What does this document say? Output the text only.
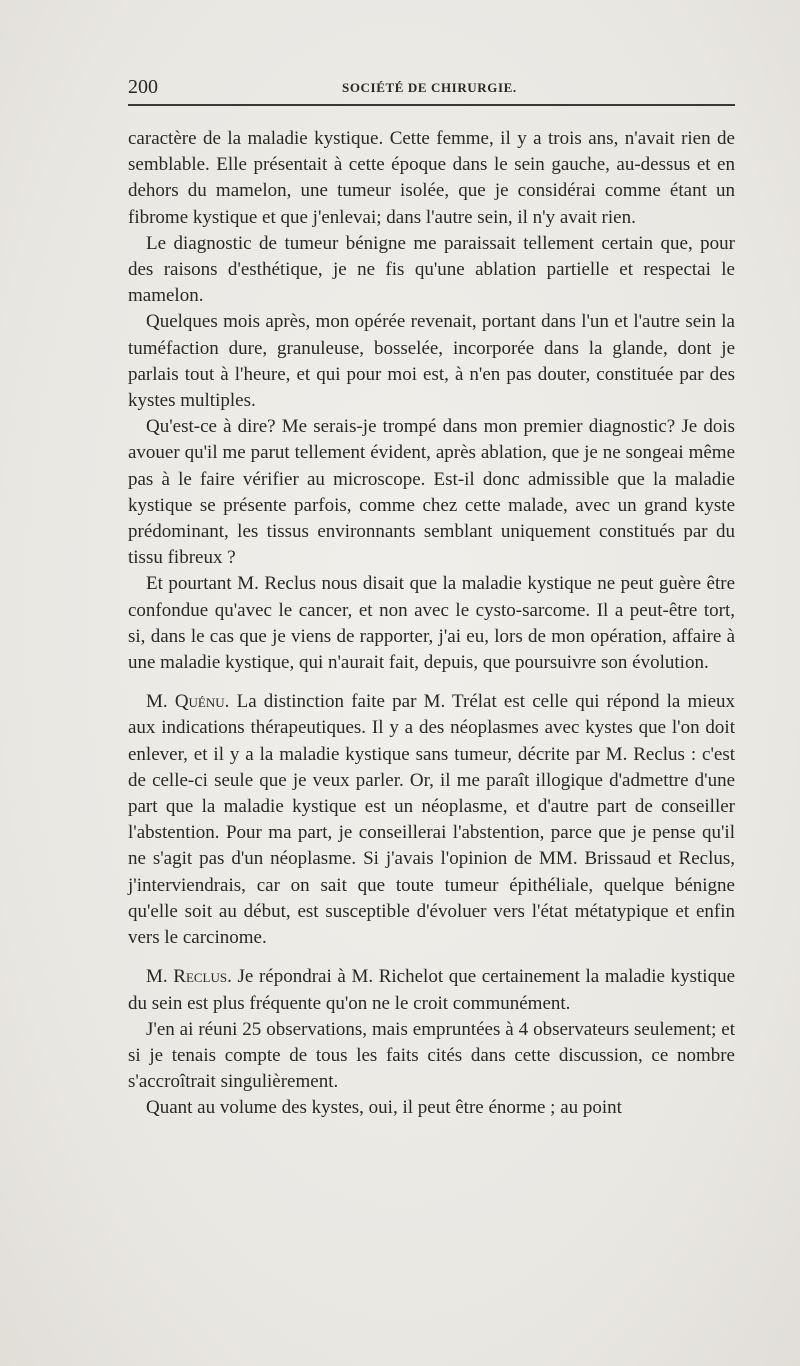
200	SOCIÉTÉ DE CHIRURGIE.

caractère de la maladie kystique. Cette femme, il y a trois ans, n'avait rien de semblable. Elle présentait à cette époque dans le sein gauche, au-dessus et en dehors du mamelon, une tumeur isolée, que je considérai comme étant un fibrome kystique et que j'enlevai; dans l'autre sein, il n'y avait rien.

Le diagnostic de tumeur bénigne me paraissait tellement certain que, pour des raisons d'esthétique, je ne fis qu'une ablation partielle et respectai le mamelon.

Quelques mois après, mon opérée revenait, portant dans l'un et l'autre sein la tuméfaction dure, granuleuse, bosselée, incorporée dans la glande, dont je parlais tout à l'heure, et qui pour moi est, à n'en pas douter, constituée par des kystes multiples.

Qu'est-ce à dire? Me serais-je trompé dans mon premier diagnostic? Je dois avouer qu'il me parut tellement évident, après ablation, que je ne songeai même pas à le faire vérifier au microscope. Est-il donc admissible que la maladie kystique se présente parfois, comme chez cette malade, avec un grand kyste prédominant, les tissus environnants semblant uniquement constitués par du tissu fibreux ?

Et pourtant M. Reclus nous disait que la maladie kystique ne peut guère être confondue qu'avec le cancer, et non avec le cysto-sarcome. Il a peut-être tort, si, dans le cas que je viens de rapporter, j'ai eu, lors de mon opération, affaire à une maladie kystique, qui n'aurait fait, depuis, que poursuivre son évolution.

M. Quénu. La distinction faite par M. Trélat est celle qui répond la mieux aux indications thérapeutiques. Il y a des néoplasmes avec kystes que l'on doit enlever, et il y a la maladie kystique sans tumeur, décrite par M. Reclus : c'est de celle-ci seule que je veux parler. Or, il me paraît illogique d'admettre d'une part que la maladie kystique est un néoplasme, et d'autre part de conseiller l'abstention. Pour ma part, je conseillerai l'abstention, parce que je pense qu'il ne s'agit pas d'un néoplasme. Si j'avais l'opinion de MM. Brissaud et Reclus, j'interviendrais, car on sait que toute tumeur épithéliale, quelque bénigne qu'elle soit au début, est susceptible d'évoluer vers l'état métatypique et enfin vers le carcinome.

M. Reclus. Je répondrai à M. Richelot que certainement la maladie kystique du sein est plus fréquente qu'on ne le croit communément.

J'en ai réuni 25 observations, mais empruntées à 4 observateurs seulement; et si je tenais compte de tous les faits cités dans cette discussion, ce nombre s'accroîtrait singulièrement.

Quant au volume des kystes, oui, il peut être énorme ; au point
